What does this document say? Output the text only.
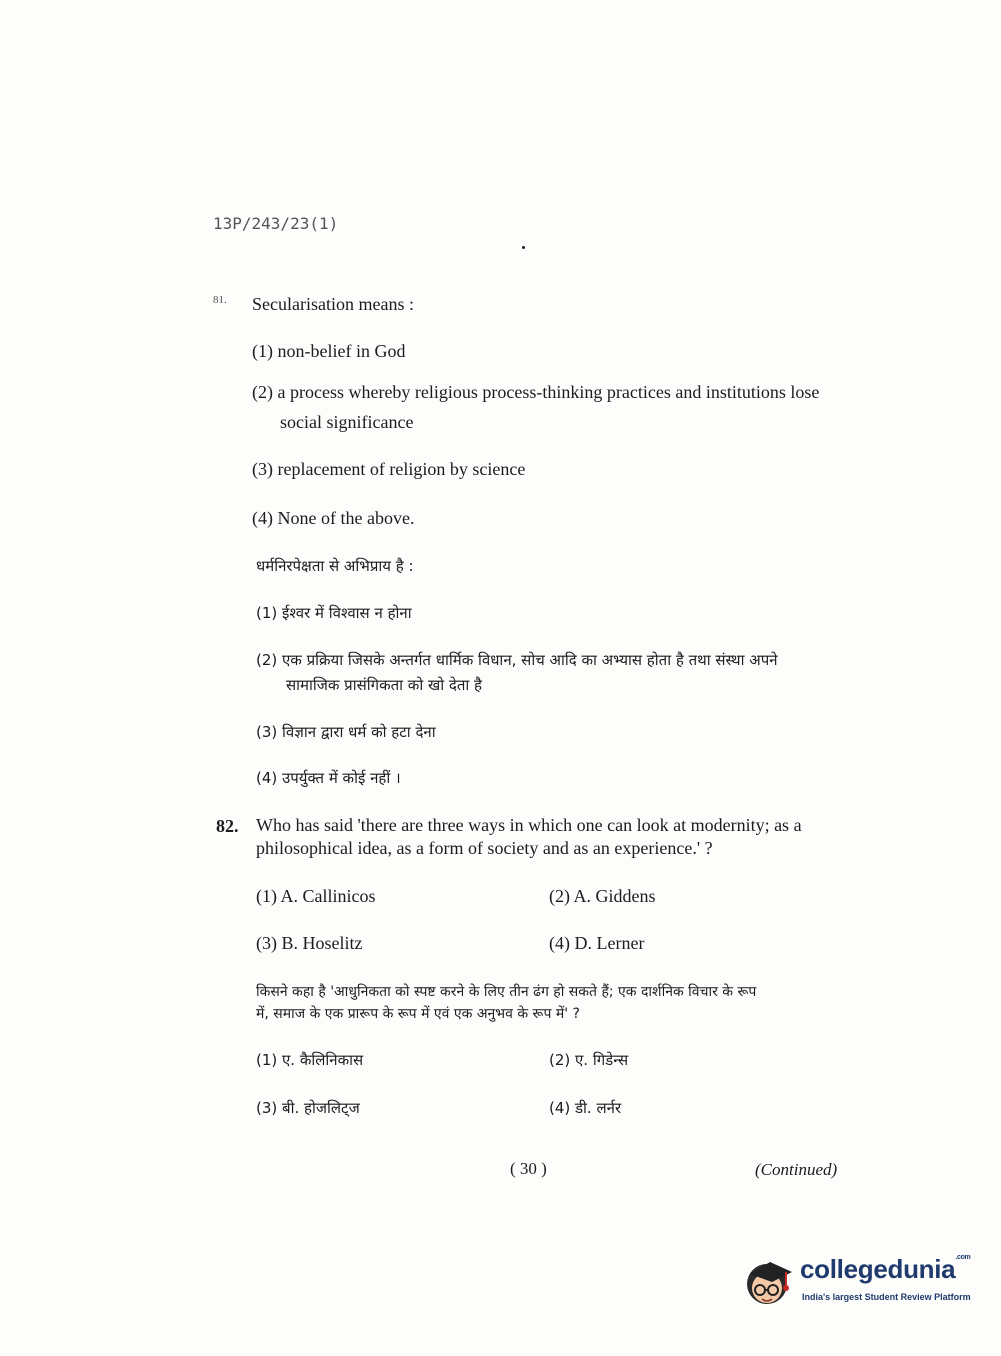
13P/243/23(1)
81. Secularisation means :
(1) non-belief in God
(2) a process whereby religious process-thinking practices and institutions lose
social significance
(3) replacement of religion by science
(4) None of the above.
धर्मनिरपेक्षता से अभिप्राय है :
(1) ईश्वर में विश्वास न होना
(2) एक प्रक्रिया जिसके अन्तर्गत धार्मिक विधान, सोच आदि का अभ्यास होता है तथा संस्था अपने
सामाजिक प्रासंगिकता को खो देता है
(3) विज्ञान द्वारा धर्म को हटा देना
(4) उपर्युक्त में कोई नहीं ।
82. Who has said 'there are three ways in which one can look at modernity; as a
philosophical idea, as a form of society and as an experience.' ?
(1) A. Callinicos	(2) A. Giddens
(3) B. Hoselitz	(4) D. Lerner
किसने कहा है 'आधुनिकता को स्पष्ट करने के लिए तीन ढंग हो सकते हैं; एक दार्शनिक विचार के रूप
में, समाज के एक प्रारूप के रूप में एवं एक अनुभव के रूप में' ?
(1) ए. कैलिनिकास	(2) ए. गिडेन्स
(3) बी. होजलिट्ज	(4) डी. लर्नर
( 30 )	(Continued)
collegedunia$^{.com}$
India's largest Student Review Platform
